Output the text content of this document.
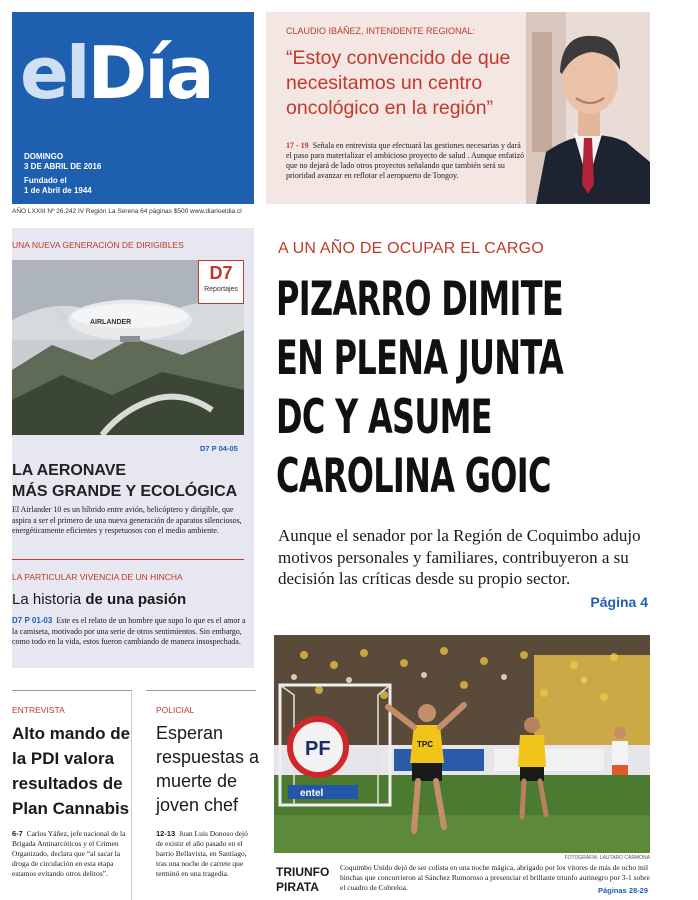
elDía
DOMINGO
3 DE ABRIL DE 2016
Fundado el
1 de Abril de 1944
AÑO LXXIII Nº 26.242 IV Región La Serena 64 páginas $500 www.diarioeldia.cl
CLAUDIO IBÁÑEZ, INTENDENTE REGIONAL:
“Estoy convencido de que necesitamos un centro oncológico en la región”
17 - 19 Señala en entrevista que efectuará las gestiones necesarias y dará el paso para materializar el ambicioso proyecto de salud . Aunque enfatizó que no dejará de lado otros proyectos señalando que también será su prioridad avanzar en reflotar el aeropuerto de Tongoy.
UNA NUEVA GENERACIÓN DE DIRIGIBLES
AIRLANDER
D7
Reportajes
D7 P 04-05
LA AERONAVE
MÁS GRANDE Y ECOLÓGICA
El Airlander 10 es un híbrido entre avión, helicóptero y dirigible, que aspira a ser el primero de una nueva generación de aparatos silenciosos, energéticamente eficientes y respetuosos con el medio ambiente.
LA PARTICULAR VIVENCIA DE UN HINCHA
La historia de una pasión
D7 P 01-03 Este es el relato de un hombre que supo lo que es el amor a la camiseta, motivado por una serie de otros sentimientos. Sin embargo, como todo en la vida, estos fueron cambiando de manera insospechada.
A UN AÑO DE OCUPAR EL CARGO
PIZARRO DIMITE
EN PLENA JUNTA
DC Y ASUME
CAROLINA GOIC
Aunque el senador por la Región de Coquimbo adujo motivos personales y familiares, contribuyeron a su decisión las críticas desde su propio sector.
Página 4
ENTREVISTA
Alto mando de la PDI valora resultados de Plan Cannabis
6-7 Carlos Yáñez, jefe nacional de la Brigada Antinarcóticos y el Crimen Organizado, declara que “al sacar la droga de circulación en esta etapa estamos evitando otros delitos”.
POLICIAL
Esperan respuestas a muerte de joven chef
12-13 Juan Luis Donoso dejó de existir el año pasado en el barrio Bellavista, en Santiago, tras una noche de carrete que terminó en una tragedia.
PF
entel
TPC
FOTOGRAFÍA: LAUTARO CARMONA
TRIUNFO
PIRATA
Coquimbo Unido dejó de ser colista en una noche mágica, abrigado por los vitores de más de ocho mil hinchas que concurrieron al Sánchez Rumoroso a presenciar el brillante triunfo aurinegro por 3-1 sobre el cuadro de Cobreloa.	Páginas 28-29
